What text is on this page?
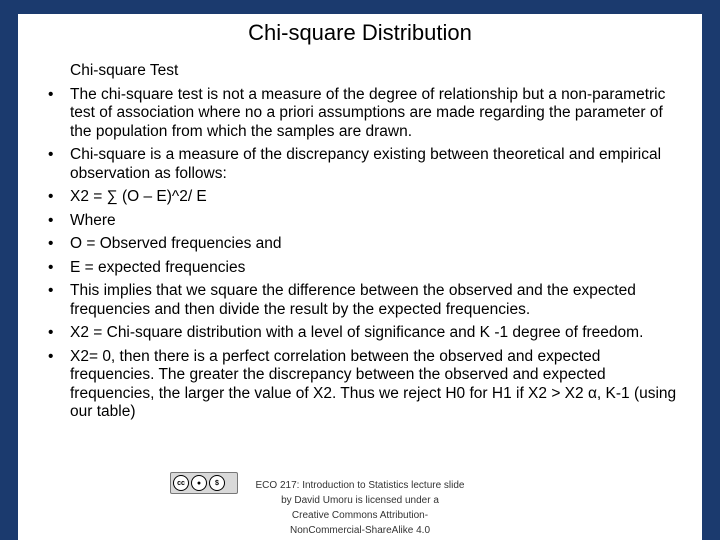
Chi-square Distribution
Chi-square Test
• The chi-square test is not a measure of the degree of relationship but a non-parametric test of association where no a priori assumptions are made regarding the parameter of the population from which the samples are drawn.
• Chi-square is a measure of the discrepancy existing between theoretical and empirical observation as follows:
• X2 = ∑ (O – E)^2/ E
• Where
• O = Observed frequencies and
• E = expected frequencies
• This implies that we square the difference between the observed and the expected frequencies and then divide the result by the expected frequencies.
• X2 = Chi-square distribution with a level of significance and K -1 degree of freedom.
• X2= 0, then there is a perfect correlation between the observed and expected frequencies. The greater the discrepancy between the observed and expected frequencies, the larger the value of X2. Thus we reject H0 for H1 if X2 > X2 α, K-1 (using our table)
cc	●	$	ECO 217: Introduction to Statistics lecture slide
by David Umoru is licensed under a
Creative Commons Attribution-
NonCommercial-ShareAlike 4.0
